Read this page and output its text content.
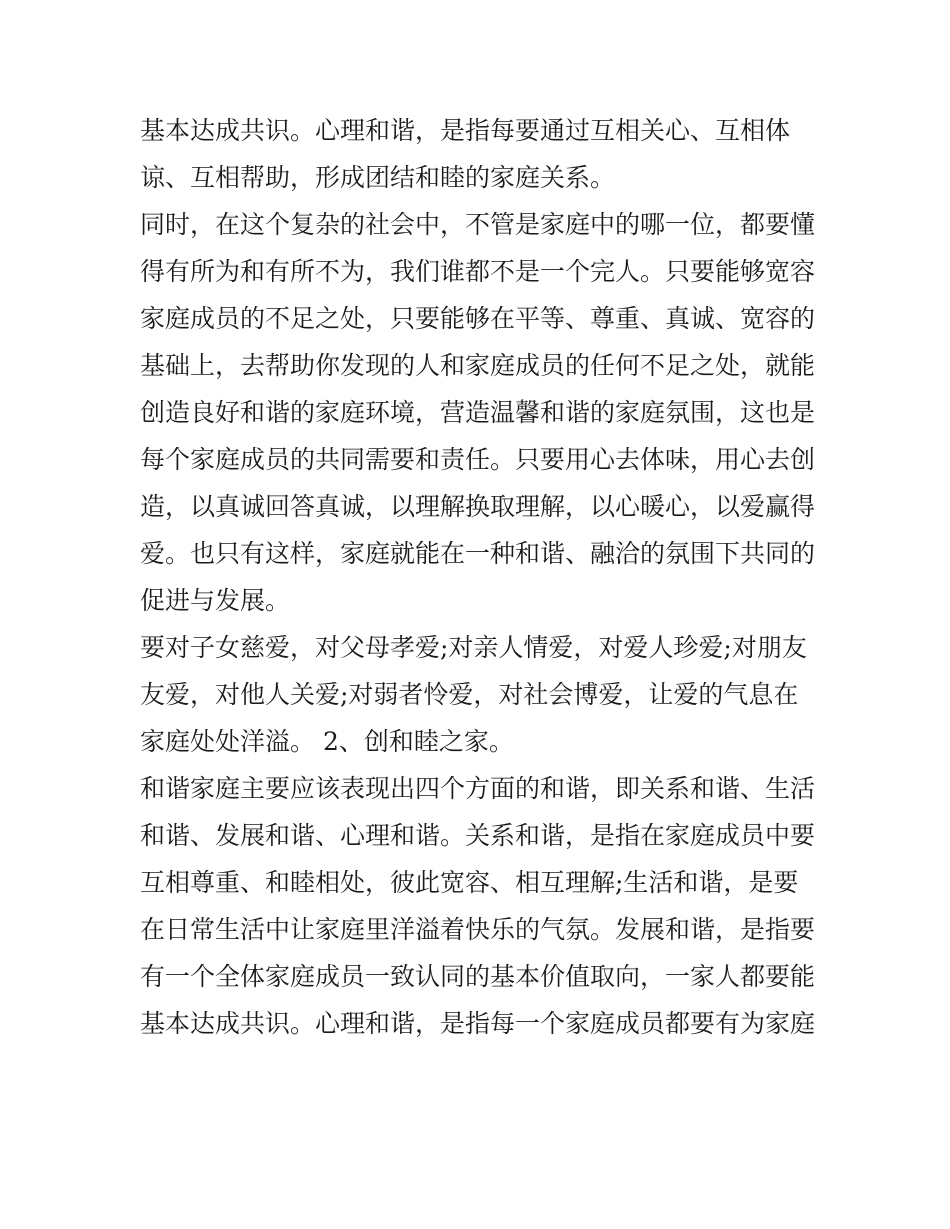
基本达成共识。心理和谐，是指每要通过互相关心、互相体
谅、互相帮助，形成团结和睦的家庭关系。
同时，在这个复杂的社会中，不管是家庭中的哪一位，都要懂
得有所为和有所不为，我们谁都不是一个完人。只要能够宽容
家庭成员的不足之处，只要能够在平等、尊重、真诚、宽容的
基础上，去帮助你发现的人和家庭成员的任何不足之处，就能
创造良好和谐的家庭环境，营造温馨和谐的家庭氛围，这也是
每个家庭成员的共同需要和责任。只要用心去体味，用心去创
造，以真诚回答真诚，以理解换取理解，以心暖心，以爱赢得
爱。也只有这样，家庭就能在一种和谐、融洽的氛围下共同的
促进与发展。
要对子女慈爱，对父母孝爱;对亲人情爱，对爱人珍爱;对朋友
友爱，对他人关爱;对弱者怜爱，对社会博爱，让爱的气息在
家庭处处洋溢。 2、创和睦之家。
和谐家庭主要应该表现出四个方面的和谐，即关系和谐、生活
和谐、发展和谐、心理和谐。关系和谐，是指在家庭成员中要
互相尊重、和睦相处，彼此宽容、相互理解;生活和谐，是要
在日常生活中让家庭里洋溢着快乐的气氛。发展和谐，是指要
有一个全体家庭成员一致认同的基本价值取向，一家人都要能
基本达成共识。心理和谐，是指每一个家庭成员都要有为家庭
